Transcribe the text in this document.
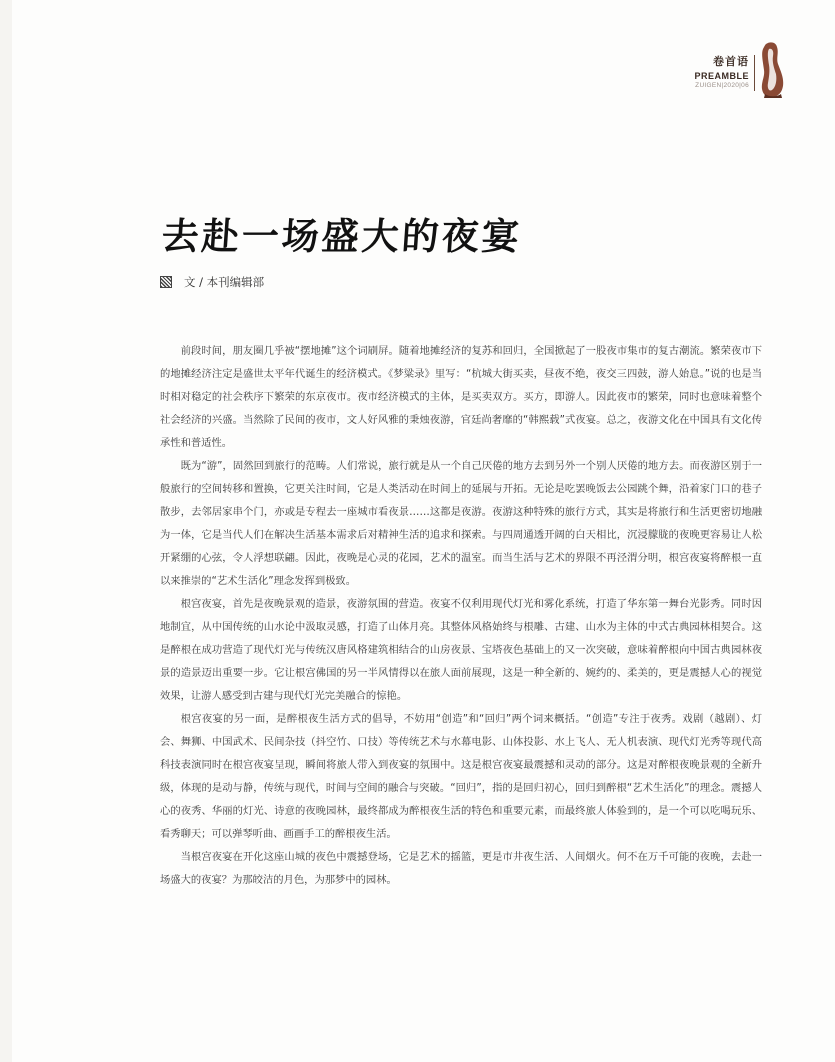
卷首语
PREAMBLE
ZUIGEN|2020|06
去赴一场盛大的夜宴
文 / 本刊编辑部

前段时间，朋友圈几乎被“摆地摊”这个词刷屏。随着地摊经济的复苏和回归，全国掀起了一股夜市集市的复古潮流。繁荣夜市下的地摊经济注定是盛世太平年代诞生的经济模式。《梦粱录》里写：“杭城大街买卖，昼夜不绝，夜交三四鼓，游人始息。”说的也是当时相对稳定的社会秩序下繁荣的东京夜市。夜市经济模式的主体，是买卖双方。买方，即游人。因此夜市的繁荣，同时也意味着整个社会经济的兴盛。当然除了民间的夜市，文人好风雅的秉烛夜游，官廷尚奢靡的“韩熙载”式夜宴。总之，夜游文化在中国具有文化传承性和普适性。

既为“游”，固然回到旅行的范畴。人们常说，旅行就是从一个自己厌倦的地方去到另外一个别人厌倦的地方去。而夜游区别于一般旅行的空间转移和置换，它更关注时间，它是人类活动在时间上的延展与开拓。无论是吃罢晚饭去公园跳个舞，沿着家门口的巷子散步，去邻居家串个门，亦或是专程去一座城市看夜景……这都是夜游。夜游这种特殊的旅行方式，其实是将旅行和生活更密切地融为一体，它是当代人们在解决生活基本需求后对精神生活的追求和探索。与四周通透开阔的白天相比，沉浸朦胧的夜晚更容易让人松开紧绷的心弦，令人浮想联翩。因此，夜晚是心灵的花园，艺术的温室。而当生活与艺术的界限不再泾渭分明，根宫夜宴将醉根一直以来推崇的“艺术生活化”理念发挥到极致。

根宫夜宴，首先是夜晚景观的造景，夜游氛围的营造。夜宴不仅利用现代灯光和雾化系统，打造了华东第一舞台光影秀。同时因地制宜，从中国传统的山水论中汲取灵感，打造了山体月亮。其整体风格始终与根雕、古建、山水为主体的中式古典园林相契合。这是醉根在成功营造了现代灯光与传统汉唐风格建筑相结合的山房夜景、宝塔夜色基础上的又一次突破，意味着醉根向中国古典园林夜景的造景迈出重要一步。它让根宫佛国的另一半风情得以在旅人面前展现，这是一种全新的、婉约的、柔美的，更是震撼人心的视觉效果，让游人感受到古建与现代灯光完美融合的惊艳。

根宫夜宴的另一面，是醉根夜生活方式的倡导，不妨用“创造”和“回归”两个词来概括。“创造”专注于夜秀。戏剧（越剧）、灯会、舞狮、中国武术、民间杂技（抖空竹、口技）等传统艺术与水幕电影、山体投影、水上飞人、无人机表演、现代灯光秀等现代高科技表演同时在根宫夜宴呈现，瞬间将旅人带入到夜宴的氛围中。这是根宫夜宴最震撼和灵动的部分。这是对醉根夜晚景观的全新升级，体现的是动与静，传统与现代，时间与空间的融合与突破。“回归”，指的是回归初心，回归到醉根“艺术生活化”的理念。震撼人心的夜秀、华丽的灯光、诗意的夜晚园林，最终都成为醉根夜生活的特色和重要元素，而最终旅人体验到的，是一个可以吃喝玩乐、看秀聊天；可以弹琴听曲、画画手工的醉根夜生活。

当根宫夜宴在开化这座山城的夜色中震撼登场，它是艺术的摇篮，更是市井夜生活、人间烟火。何不在万千可能的夜晚，去赴一场盛大的夜宴？为那皎洁的月色，为那梦中的园林。
